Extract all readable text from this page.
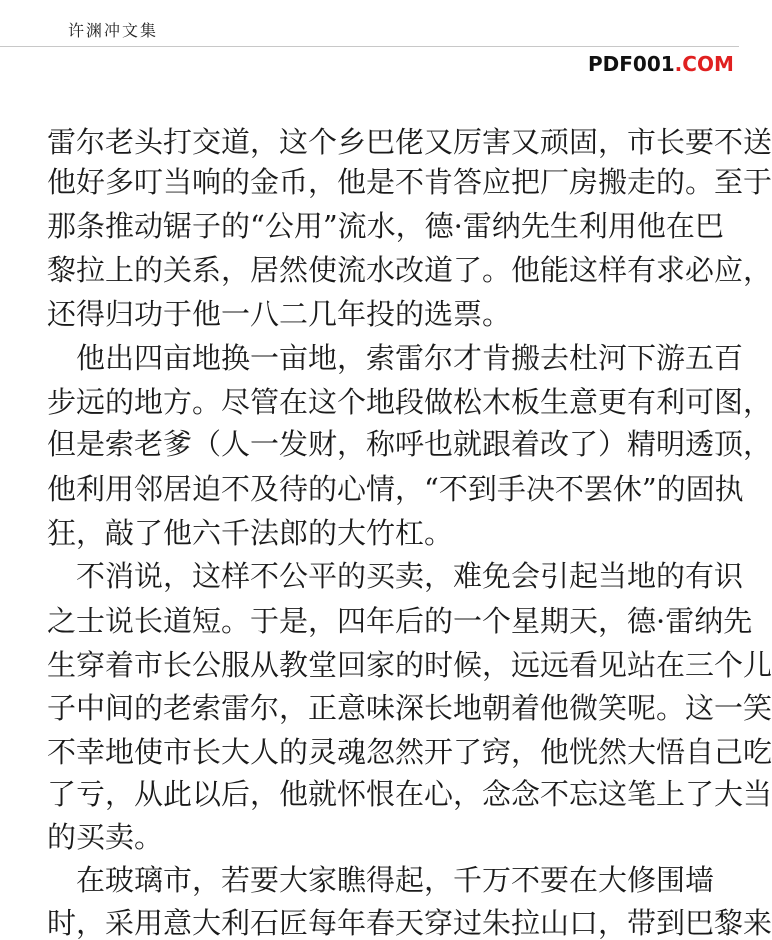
许渊冲文集
PDF001.COM
雷尔老头打交道，这个乡巴佬又厉害又顽固，市长要不送
他好多叮当响的金币，他是不肯答应把厂房搬走的。至于
那条推动锯子的“公用”流水，德·雷纳先生利用他在巴
黎拉上的关系，居然使流水改道了。他能这样有求必应，
还得归功于他一八二几年投的选票。
　他出四亩地换一亩地，索雷尔才肯搬去杜河下游五百
步远的地方。尽管在这个地段做松木板生意更有利可图，
但是索老爹（人一发财，称呼也就跟着改了）精明透顶，
他利用邻居迫不及待的心情，“不到手决不罢休”的固执
狂，敲了他六千法郎的大竹杠。
　不消说，这样不公平的买卖，难免会引起当地的有识
之士说长道短。于是，四年后的一个星期天，德·雷纳先
生穿着市长公服从教堂回家的时候，远远看见站在三个儿
子中间的老索雷尔，正意味深长地朝着他微笑呢。这一笑
不幸地使市长大人的灵魂忽然开了窍，他恍然大悟自己吃
了亏，从此以后，他就怀恨在心，念念不忘这笔上了大当
的买卖。
　在玻璃市，若要大家瞧得起，千万不要在大修围墙
时，采用意大利石匠每年春天穿过朱拉山口，带到巴黎来
